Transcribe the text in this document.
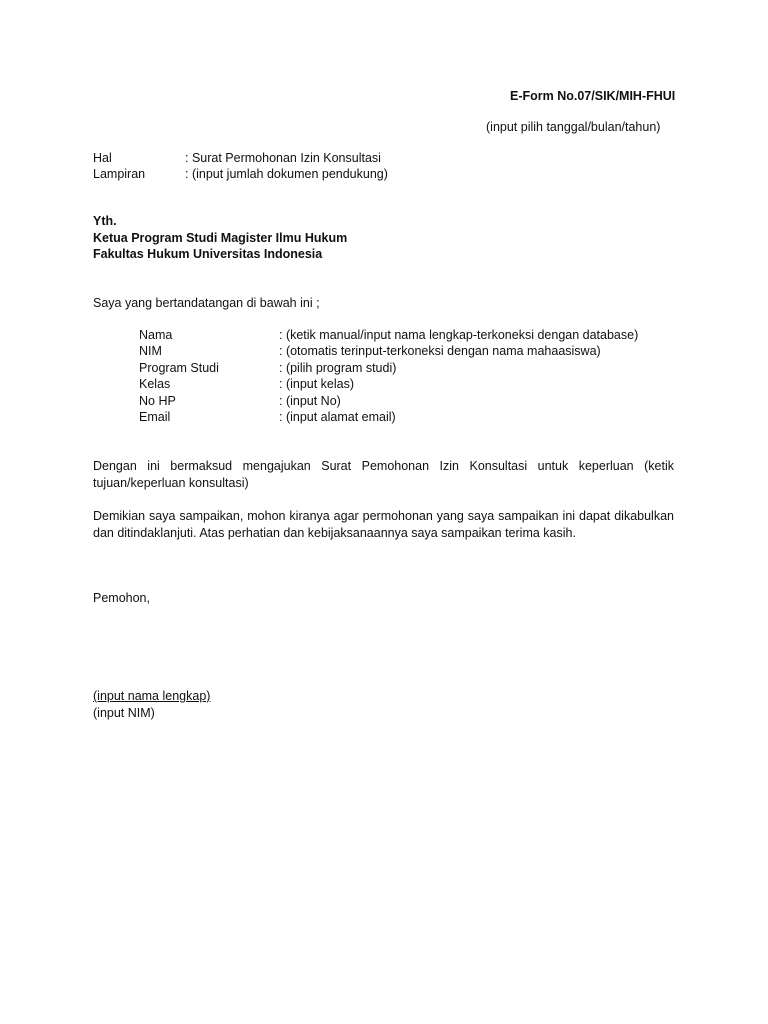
E-Form No.07/SIK/MIH-FHUI
(input pilih tanggal/bulan/tahun)
Hal	: Surat Permohonan Izin Konsultasi
Lampiran	: (input jumlah dokumen pendukung)
Yth.
Ketua Program Studi Magister Ilmu Hukum
Fakultas Hukum Universitas Indonesia
Saya yang bertandatangan di bawah ini ;
Nama	: (ketik manual/input nama lengkap-terkoneksi dengan database)
NIM	: (otomatis terinput-terkoneksi dengan nama mahaasiswa)
Program Studi	: (pilih program studi)
Kelas	: (input kelas)
No HP	: (input No)
Email	: (input alamat email)
Dengan ini bermaksud mengajukan Surat Pemohonan Izin Konsultasi untuk keperluan (ketik tujuan/keperluan konsultasi)
Demikian saya sampaikan, mohon kiranya agar permohonan yang saya sampaikan ini dapat dikabulkan dan ditindaklanjuti. Atas perhatian dan kebijaksanaannya saya sampaikan terima kasih.
Pemohon,
(input nama lengkap)
(input NIM)
